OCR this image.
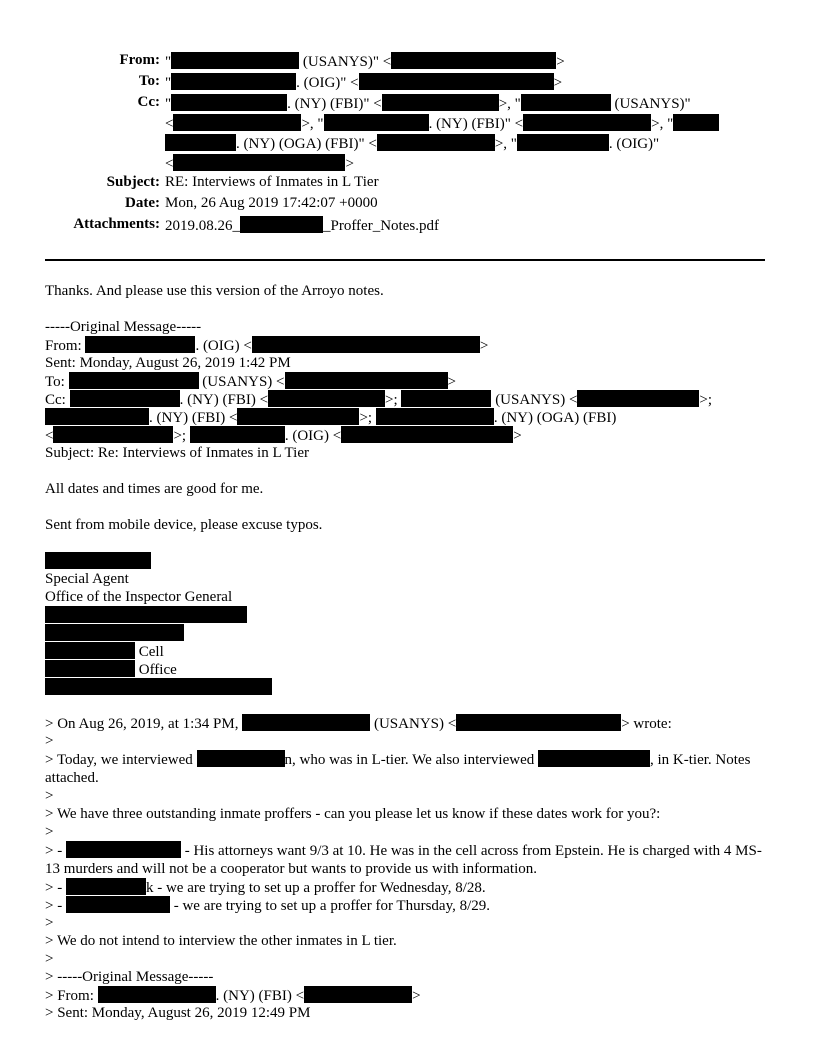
From: "	(USANYS)" <	>
To: "	. (OIG)" <	>
Cc: "	. (NY) (FBI)" <	>, "	(USANYS)"
<	>, "	. (NY) (FBI)" <	>, "
. (NY) (OGA) (FBI)" <	>, "	. (OIG)"
<	>
Subject: RE: Interviews of Inmates in L Tier
Date: Mon, 26 Aug 2019 17:42:07 +0000
Attachments: 2019.08.26_	_Proffer_Notes.pdf
Thanks. And please use this version of the Arroyo notes.
-----Original Message-----
From:	. (OIG) <	>
Sent: Monday, August 26, 2019 1:42 PM
To:	(USANYS) <	>
Cc:	. (NY) (FBI) <	>;	(USANYS) <	>;
. (NY) (FBI) <	>;	. (NY) (OGA) (FBI)
<	>;	. (OIG) <	>
Subject: Re: Interviews of Inmates in L Tier
All dates and times are good for me.
Sent from mobile device, please excuse typos.
Special Agent
Office of the Inspector General
Cell
Office
> On Aug 26, 2019, at 1:34 PM,	(USANYS) <	> wrote:
>
> Today, we interviewed	n, who was in L-tier. We also interviewed	, in K-tier. Notes attached.
>
> We have three outstanding inmate proffers - can you please let us know if these dates work for you?:
>
> -	- His attorneys want 9/3 at 10. He was in the cell across from Epstein. He is charged with 4 MS-13 murders and will not be a cooperator but wants to provide us with information.
> -	k - we are trying to set up a proffer for Wednesday, 8/28.
> -	- we are trying to set up a proffer for Thursday, 8/29.
>
> We do not intend to interview the other inmates in L tier.
>
> -----Original Message-----
> From:	. (NY) (FBI) <	>
> Sent: Monday, August 26, 2019 12:49 PM
